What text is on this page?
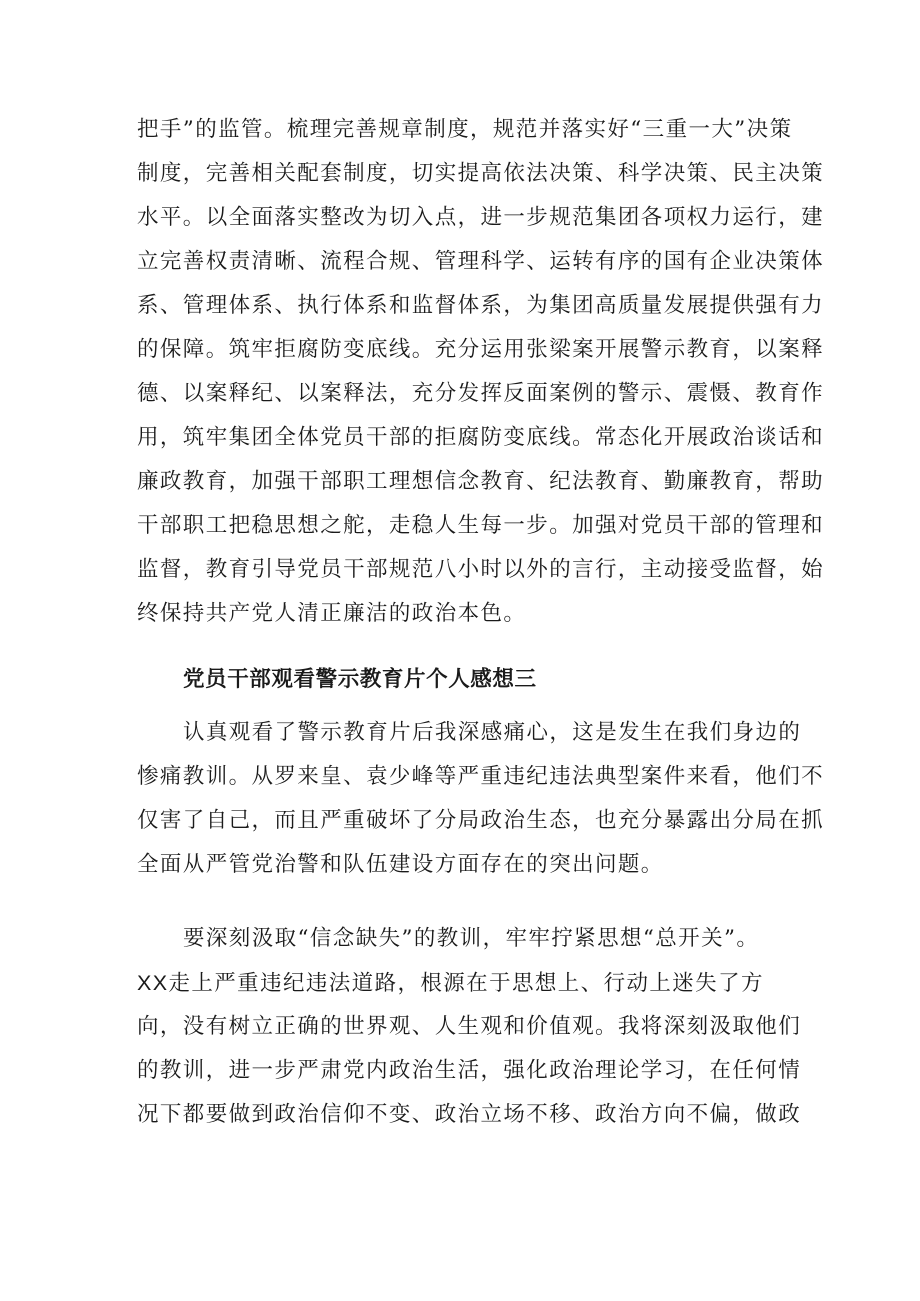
把手”的监管。梳理完善规章制度，规范并落实好“三重一大”决策
制度，完善相关配套制度，切实提高依法决策、科学决策、民主决策
水平。以全面落实整改为切入点，进一步规范集团各项权力运行，建
立完善权责清晰、流程合规、管理科学、运转有序的国有企业决策体
系、管理体系、执行体系和监督体系，为集团高质量发展提供强有力
的保障。筑牢拒腐防变底线。充分运用张梁案开展警示教育，以案释
德、以案释纪、以案释法，充分发挥反面案例的警示、震慑、教育作
用，筑牢集团全体党员干部的拒腐防变底线。常态化开展政治谈话和
廉政教育，加强干部职工理想信念教育、纪法教育、勤廉教育，帮助
干部职工把稳思想之舵，走稳人生每一步。加强对党员干部的管理和
监督，教育引导党员干部规范八小时以外的言行，主动接受监督，始
终保持共产党人清正廉洁的政治本色。
党员干部观看警示教育片个人感想三
认真观看了警示教育片后我深感痛心，这是发生在我们身边的
惨痛教训。从罗来皇、袁少峰等严重违纪违法典型案件来看，他们不
仅害了自己，而且严重破坏了分局政治生态，也充分暴露出分局在抓
全面从严管党治警和队伍建设方面存在的突出问题。
要深刻汲取“信念缺失”的教训，牢牢拧紧思想“总开关”。
XX走上严重违纪违法道路，根源在于思想上、行动上迷失了方
向，没有树立正确的世界观、人生观和价值观。我将深刻汲取他们
的教训，进一步严肃党内政治生活，强化政治理论学习，在任何情
况下都要做到政治信仰不变、政治立场不移、政治方向不偏，做政
